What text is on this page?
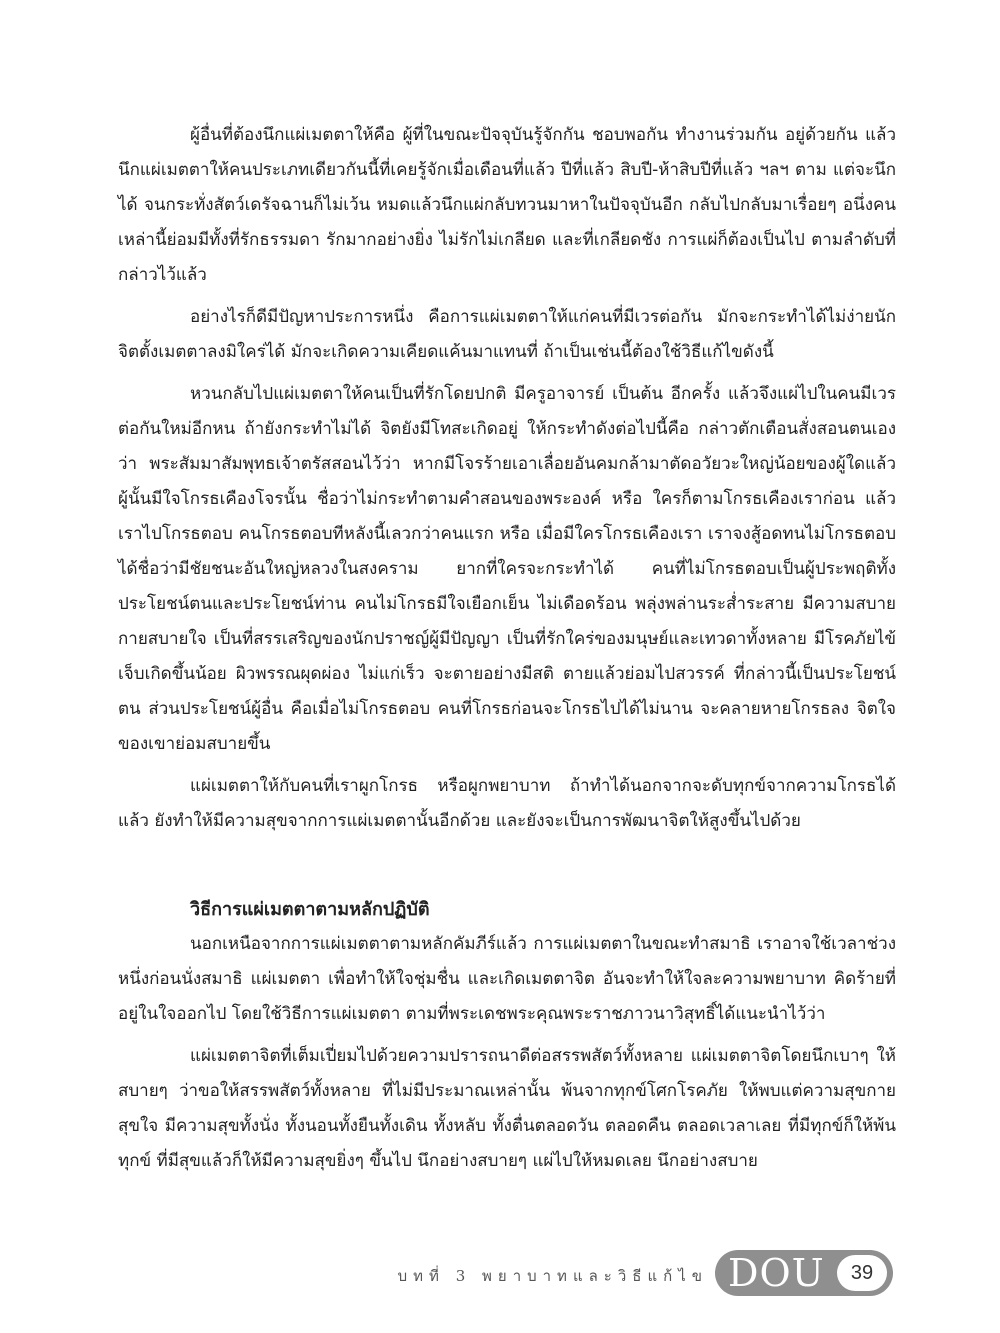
ผู้อื่นที่ต้องนึกแผ่เมตตาให้คือ ผู้ที่ในขณะปัจจุบันรู้จักกัน ชอบพอกัน ทำงานร่วมกัน อยู่ด้วยกัน แล้วนึกแผ่เมตตาให้คนประเภทเดียวกันนี้ที่เคยรู้จักเมื่อเดือนที่แล้ว ปีที่แล้ว สิบปี-ห้าสิบปีที่แล้ว ฯลฯ ตาม แต่จะนึกได้ จนกระทั่งสัตว์เดรัจฉานก็ไม่เว้น หมดแล้วนึกแผ่กลับทวนมาหาในปัจจุบันอีก กลับไปกลับมาเรื่อยๆ อนึ่งคนเหล่านี้ย่อมมีทั้งที่รักธรรมดา รักมากอย่างยิ่ง ไม่รักไม่เกลียด และที่เกลียดชัง การแผ่ก็ต้องเป็นไป ตามลำดับที่กล่าวไว้แล้ว

อย่างไรก็ดีมีปัญหาประการหนึ่ง คือการแผ่เมตตาให้แก่คนที่มีเวรต่อกัน มักจะกระทำได้ไม่ง่ายนัก จิตตั้งเมตตาลงมิใคร่ได้ มักจะเกิดความเคียดแค้นมาแทนที่ ถ้าเป็นเช่นนี้ต้องใช้วิธีแก้ไขดังนี้

หวนกลับไปแผ่เมตตาให้คนเป็นที่รักโดยปกติ มีครูอาจารย์ เป็นต้น อีกครั้ง แล้วจึงแผ่ไปในคนมีเวรต่อกันใหม่อีกหน ถ้ายังกระทำไม่ได้ จิตยังมีโทสะเกิดอยู่ ให้กระทำดังต่อไปนี้คือ กล่าวตักเตือนสั่งสอนตนเองว่า พระสัมมาสัมพุทธเจ้าตรัสสอนไว้ว่า หากมีโจรร้ายเอาเลื่อยอันคมกล้ามาตัดอวัยวะใหญ่น้อยของผู้ใดแล้ว ผู้นั้นมีใจโกรธเคืองโจรนั้น ชื่อว่าไม่กระทำตามคำสอนของพระองค์ หรือ ใครก็ตามโกรธเคืองเราก่อน แล้วเราไปโกรธตอบ คนโกรธตอบทีหลังนี้เลวกว่าคนแรก หรือ เมื่อมีใครโกรธเคืองเรา เราจงสู้อดทนไม่โกรธตอบ ได้ชื่อว่ามีชัยชนะอันใหญ่หลวงในสงคราม ยากที่ใครจะกระทำได้ คนที่ไม่โกรธตอบเป็นผู้ประพฤติทั้งประโยชน์ตนและประโยชน์ท่าน คนไม่โกรธมีใจเยือกเย็น ไม่เดือดร้อน พลุ่งพล่านระส่ำระสาย มีความสบายกายสบายใจ เป็นที่สรรเสริญของนักปราชญ์ผู้มีปัญญา เป็นที่รักใคร่ของมนุษย์และเทวดาทั้งหลาย มีโรคภัยไข้เจ็บเกิดขึ้นน้อย ผิวพรรณผุดผ่อง ไม่แก่เร็ว จะตายอย่างมีสติ ตายแล้วย่อมไปสวรรค์ ที่กล่าวนี้เป็นประโยชน์ตน ส่วนประโยชน์ผู้อื่น คือเมื่อไม่โกรธตอบ คนที่โกรธก่อนจะโกรธไปได้ไม่นาน จะคลายหายโกรธลง จิตใจของเขาย่อมสบายขึ้น

แผ่เมตตาให้กับคนที่เราผูกโกรธ หรือผูกพยาบาท ถ้าทำได้นอกจากจะดับทุกข์จากความโกรธได้แล้ว ยังทำให้มีความสุขจากการแผ่เมตตานั้นอีกด้วย และยังจะเป็นการพัฒนาจิตให้สูงขึ้นไปด้วย

วิธีการแผ่เมตตาตามหลักปฏิบัติ

นอกเหนือจากการแผ่เมตตาตามหลักคัมภีร์แล้ว การแผ่เมตตาในขณะทำสมาธิ เราอาจใช้เวลาช่วงหนึ่งก่อนนั่งสมาธิ แผ่เมตตา เพื่อทำให้ใจชุ่มชื่น และเกิดเมตตาจิต อันจะทำให้ใจละความพยาบาท คิดร้ายที่อยู่ในใจออกไป โดยใช้วิธีการแผ่เมตตา ตามที่พระเดชพระคุณพระราชภาวนาวิสุทธิ์ได้แนะนำไว้ว่า

แผ่เมตตาจิตที่เต็มเปี่ยมไปด้วยความปรารถนาดีต่อสรรพสัตว์ทั้งหลาย แผ่เมตตาจิตโดยนึกเบาๆ ให้สบายๆ ว่าขอให้สรรพสัตว์ทั้งหลาย ที่ไม่มีประมาณเหล่านั้น พ้นจากทุกข์โศกโรคภัย ให้พบแต่ความสุขกาย สุขใจ มีความสุขทั้งนั่ง ทั้งนอนทั้งยืนทั้งเดิน ทั้งหลับ ทั้งตื่นตลอดวัน ตลอดคืน ตลอดเวลาเลย ที่มีทุกข์ก็ให้พ้นทุกข์ ที่มีสุขแล้วก็ให้มีความสุขยิ่งๆ ขึ้นไป นึกอย่างสบายๆ แผ่ไปให้หมดเลย นึกอย่างสบาย

บทที่ 3 พยาบาทและวิธีแก้ไข DOU	39
